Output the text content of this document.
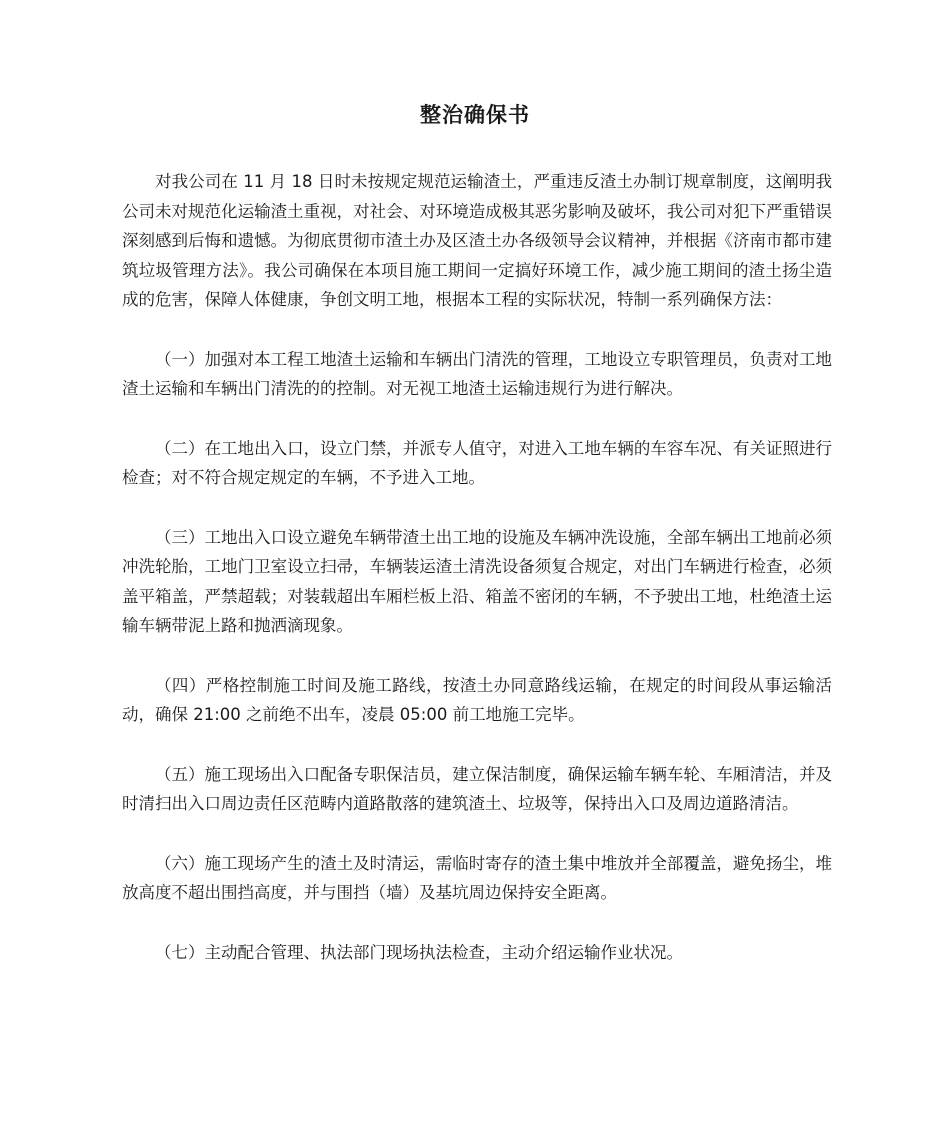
整治确保书

对我公司在 11 月 18 日时未按规定规范运输渣土，严重违反渣土办制订规章制度，这阐明我公司未对规范化运输渣土重视，对社会、对环境造成极其恶劣影响及破坏，我公司对犯下严重错误深刻感到后悔和遗憾。为彻底贯彻市渣土办及区渣土办各级领导会议精神，并根据《济南市都市建筑垃圾管理方法》。我公司确保在本项目施工期间一定搞好环境工作，减少施工期间的渣土扬尘造成的危害，保障人体健康，争创文明工地，根据本工程的实际状况，特制一系列确保方法：

（一）加强对本工程工地渣土运输和车辆出门清洗的管理，工地设立专职管理员，负责对工地渣土运输和车辆出门清洗的的控制。对无视工地渣土运输违规行为进行解决。

（二）在工地出入口，设立门禁，并派专人值守，对进入工地车辆的车容车况、有关证照进行检查；对不符合规定规定的车辆，不予进入工地。

（三）工地出入口设立避免车辆带渣土出工地的设施及车辆冲洗设施，全部车辆出工地前必须冲洗轮胎，工地门卫室设立扫帚，车辆装运渣土清洗设备须复合规定，对出门车辆进行检查，必须盖平箱盖，严禁超载；对装载超出车厢栏板上沿、箱盖不密闭的车辆，不予驶出工地，杜绝渣土运输车辆带泥上路和抛洒滴现象。

（四）严格控制施工时间及施工路线，按渣土办同意路线运输，在规定的时间段从事运输活动，确保 21:00 之前绝不出车，凌晨 05:00 前工地施工完毕。

（五）施工现场出入口配备专职保洁员，建立保洁制度，确保运输车辆车轮、车厢清洁，并及时清扫出入口周边责任区范畴内道路散落的建筑渣土、垃圾等，保持出入口及周边道路清洁。

（六）施工现场产生的渣土及时清运，需临时寄存的渣土集中堆放并全部覆盖，避免扬尘，堆放高度不超出围挡高度，并与围挡（墙）及基坑周边保持安全距离。

（七）主动配合管理、执法部门现场执法检查，主动介绍运输作业状况。
